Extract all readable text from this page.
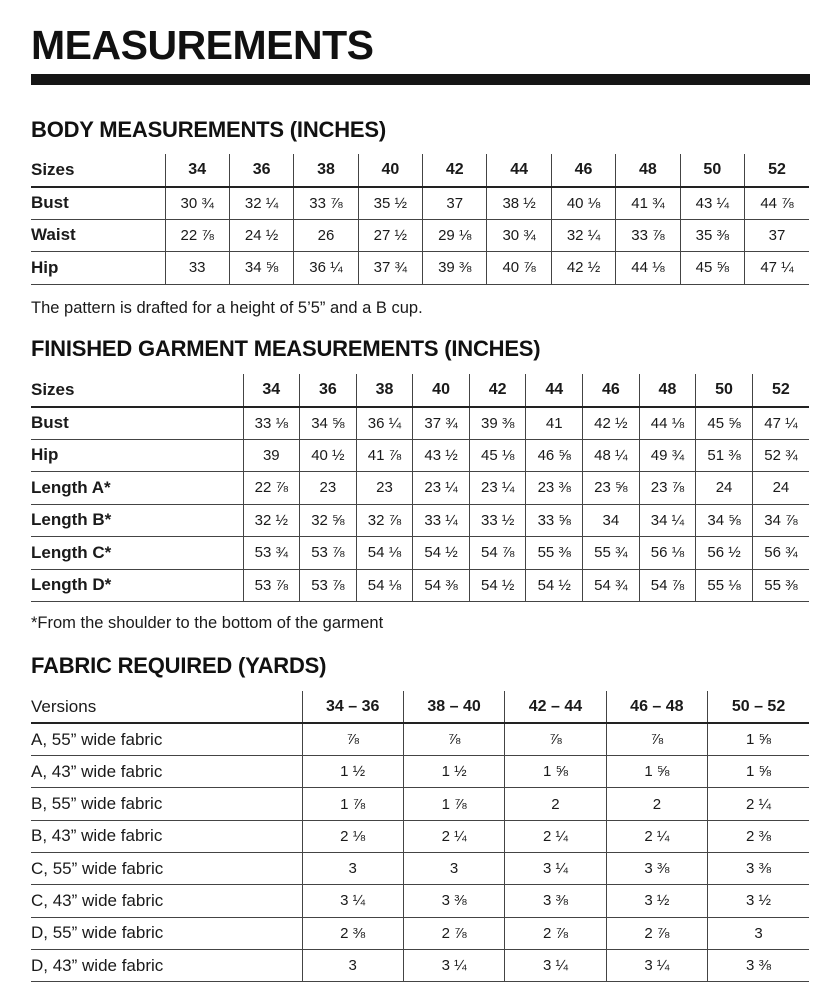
MEASUREMENTS
BODY MEASUREMENTS (INCHES)
Sizes	34	36	38	40	42	44	46	48	50	52
Bust	30 ¾	32 ¼	33 ⅞	35 ½	37	38 ½	40 ⅛	41 ¾	43 ¼	44 ⅞
Waist	22 ⅞	24 ½	26	27 ½	29 ⅛	30 ¾	32 ¼	33 ⅞	35 ⅜	37
Hip	33	34 ⅝	36 ¼	37 ¾	39 ⅜	40 ⅞	42 ½	44 ⅛	45 ⅝	47 ¼

The pattern is drafted for a height of 5’5” and a B cup.

FINISHED GARMENT MEASUREMENTS (INCHES)
Sizes	34	36	38	40	42	44	46	48	50	52
Bust	33 ⅛	34 ⅝	36 ¼	37 ¾	39 ⅜	41	42 ½	44 ⅛	45 ⅝	47 ¼
Hip	39	40 ½	41 ⅞	43 ½	45 ⅛	46 ⅝	48 ¼	49 ¾	51 ⅜	52 ¾
Length A*	22 ⅞	23	23	23 ¼	23 ¼	23 ⅜	23 ⅝	23 ⅞	24	24
Length B*	32 ½	32 ⅝	32 ⅞	33 ¼	33 ½	33 ⅝	34	34 ¼	34 ⅝	34 ⅞
Length C*	53 ¾	53 ⅞	54 ⅛	54 ½	54 ⅞	55 ⅜	55 ¾	56 ⅛	56 ½	56 ¾
Length D*	53 ⅞	53 ⅞	54 ⅛	54 ⅜	54 ½	54 ½	54 ¾	54 ⅞	55 ⅛	55 ⅜

*From the shoulder to the bottom of the garment

FABRIC REQUIRED (YARDS)
Versions	34 – 36	38 – 40	42 – 44	46 – 48	50 – 52
A, 55” wide fabric	⅞	⅞	⅞	⅞	1 ⅝
A, 43” wide fabric	1 ½	1 ½	1 ⅝	1 ⅝	1 ⅝
B, 55” wide fabric	1 ⅞	1 ⅞	2	2	2 ¼
B, 43” wide fabric	2 ⅛	2 ¼	2 ¼	2 ¼	2 ⅜
C, 55” wide fabric	3	3	3 ¼	3 ⅜	3 ⅜
C, 43” wide fabric	3 ¼	3 ⅜	3 ⅜	3 ½	3 ½
D, 55” wide fabric	2 ⅜	2 ⅞	2 ⅞	2 ⅞	3
D, 43” wide fabric	3	3 ¼	3 ¼	3 ¼	3 ⅜
